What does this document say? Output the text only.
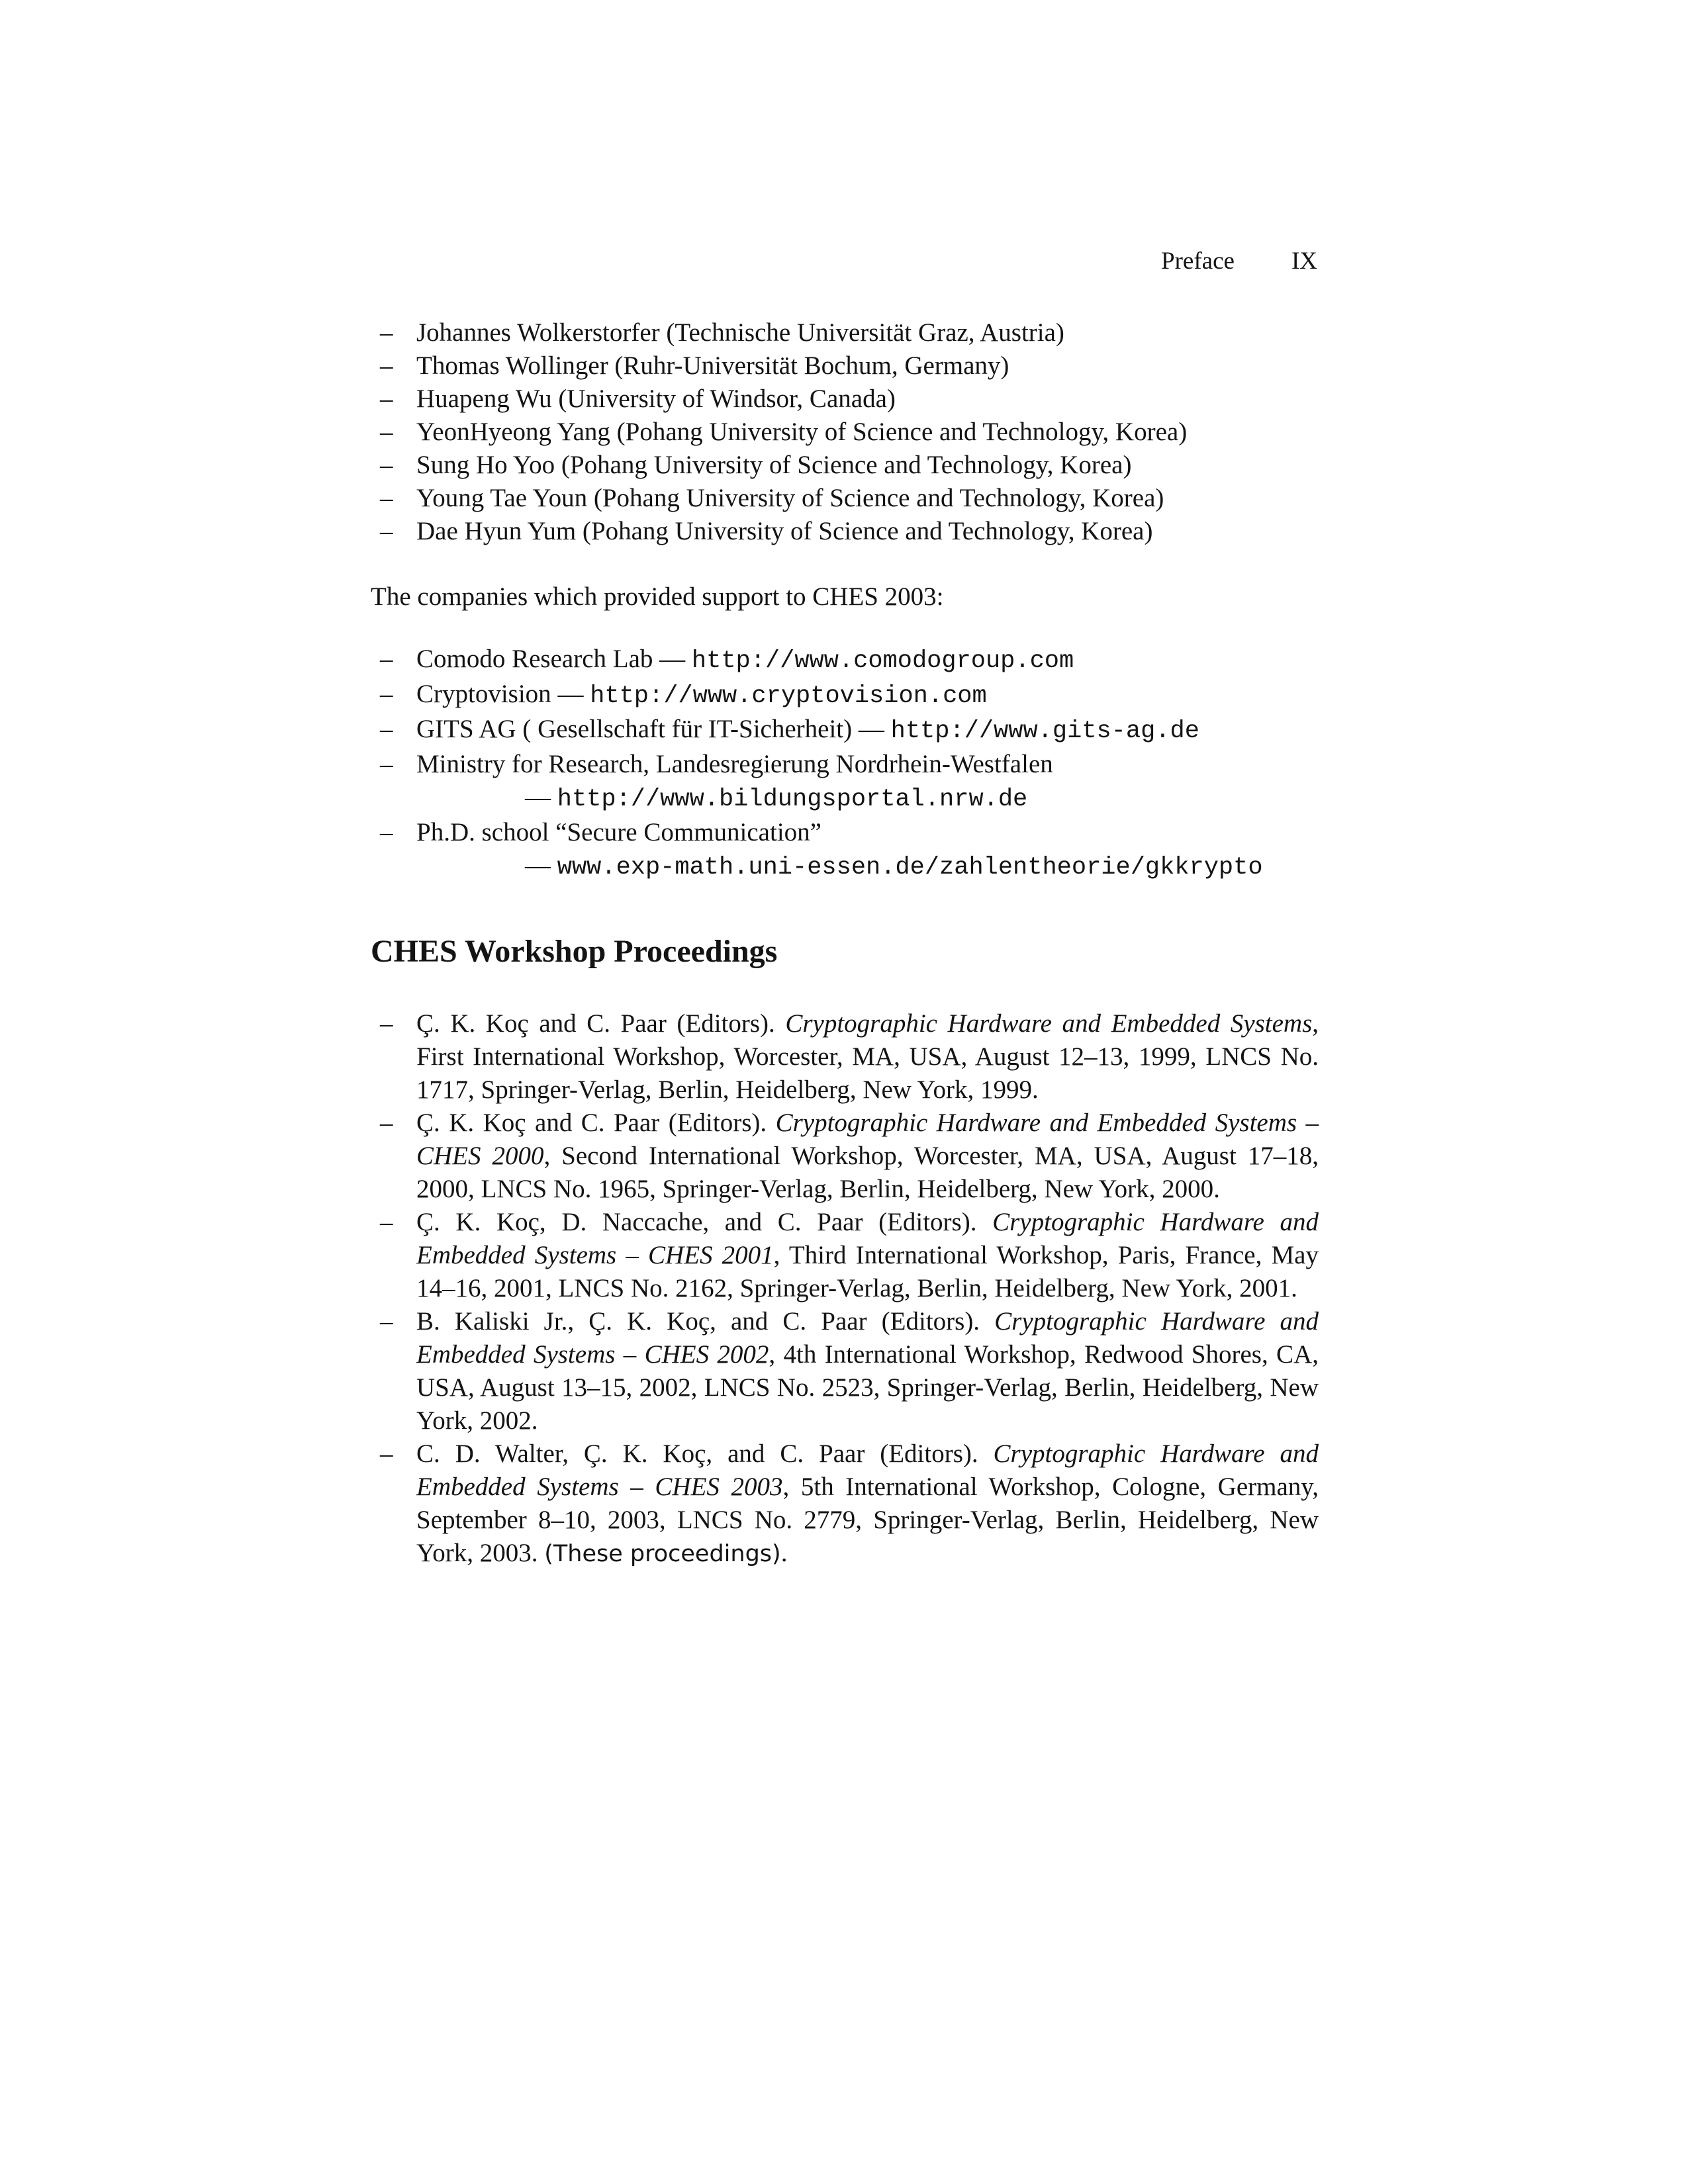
Preface IX
– Johannes Wolkerstorfer (Technische Universität Graz, Austria)
– Thomas Wollinger (Ruhr-Universität Bochum, Germany)
– Huapeng Wu (University of Windsor, Canada)
– YeonHyeong Yang (Pohang University of Science and Technology, Korea)
– Sung Ho Yoo (Pohang University of Science and Technology, Korea)
– Young Tae Youn (Pohang University of Science and Technology, Korea)
– Dae Hyun Yum (Pohang University of Science and Technology, Korea)

The companies which provided support to CHES 2003:

– Comodo Research Lab — http://www.comodogroup.com
– Cryptovision — http://www.cryptovision.com
– GITS AG ( Gesellschaft für IT-Sicherheit) — http://www.gits-ag.de
– Ministry for Research, Landesregierung Nordrhein-Westfalen
— http://www.bildungsportal.nrw.de
– Ph.D. school “Secure Communication”
— www.exp-math.uni-essen.de/zahlentheorie/gkkrypto
CHES Workshop Proceedings
– Ç. K. Koç and C. Paar (Editors). Cryptographic Hardware and Embedded Systems, First International Workshop, Worcester, MA, USA, August 12–13, 1999, LNCS No. 1717, Springer-Verlag, Berlin, Heidelberg, New York, 1999.
– Ç. K. Koç and C. Paar (Editors). Cryptographic Hardware and Embedded Systems – CHES 2000, Second International Workshop, Worcester, MA, USA, August 17–18, 2000, LNCS No. 1965, Springer-Verlag, Berlin, Heidelberg, New York, 2000.
– Ç. K. Koç, D. Naccache, and C. Paar (Editors). Cryptographic Hardware and Embedded Systems – CHES 2001, Third International Workshop, Paris, France, May 14–16, 2001, LNCS No. 2162, Springer-Verlag, Berlin, Heidelberg, New York, 2001.
– B. Kaliski Jr., Ç. K. Koç, and C. Paar (Editors). Cryptographic Hardware and Embedded Systems – CHES 2002, 4th International Workshop, Redwood Shores, CA, USA, August 13–15, 2002, LNCS No. 2523, Springer-Verlag, Berlin, Heidelberg, New York, 2002.
– C. D. Walter, Ç. K. Koç, and C. Paar (Editors). Cryptographic Hardware and Embedded Systems – CHES 2003, 5th International Workshop, Cologne, Germany, September 8–10, 2003, LNCS No. 2779, Springer-Verlag, Berlin, Heidelberg, New York, 2003. (These proceedings).
